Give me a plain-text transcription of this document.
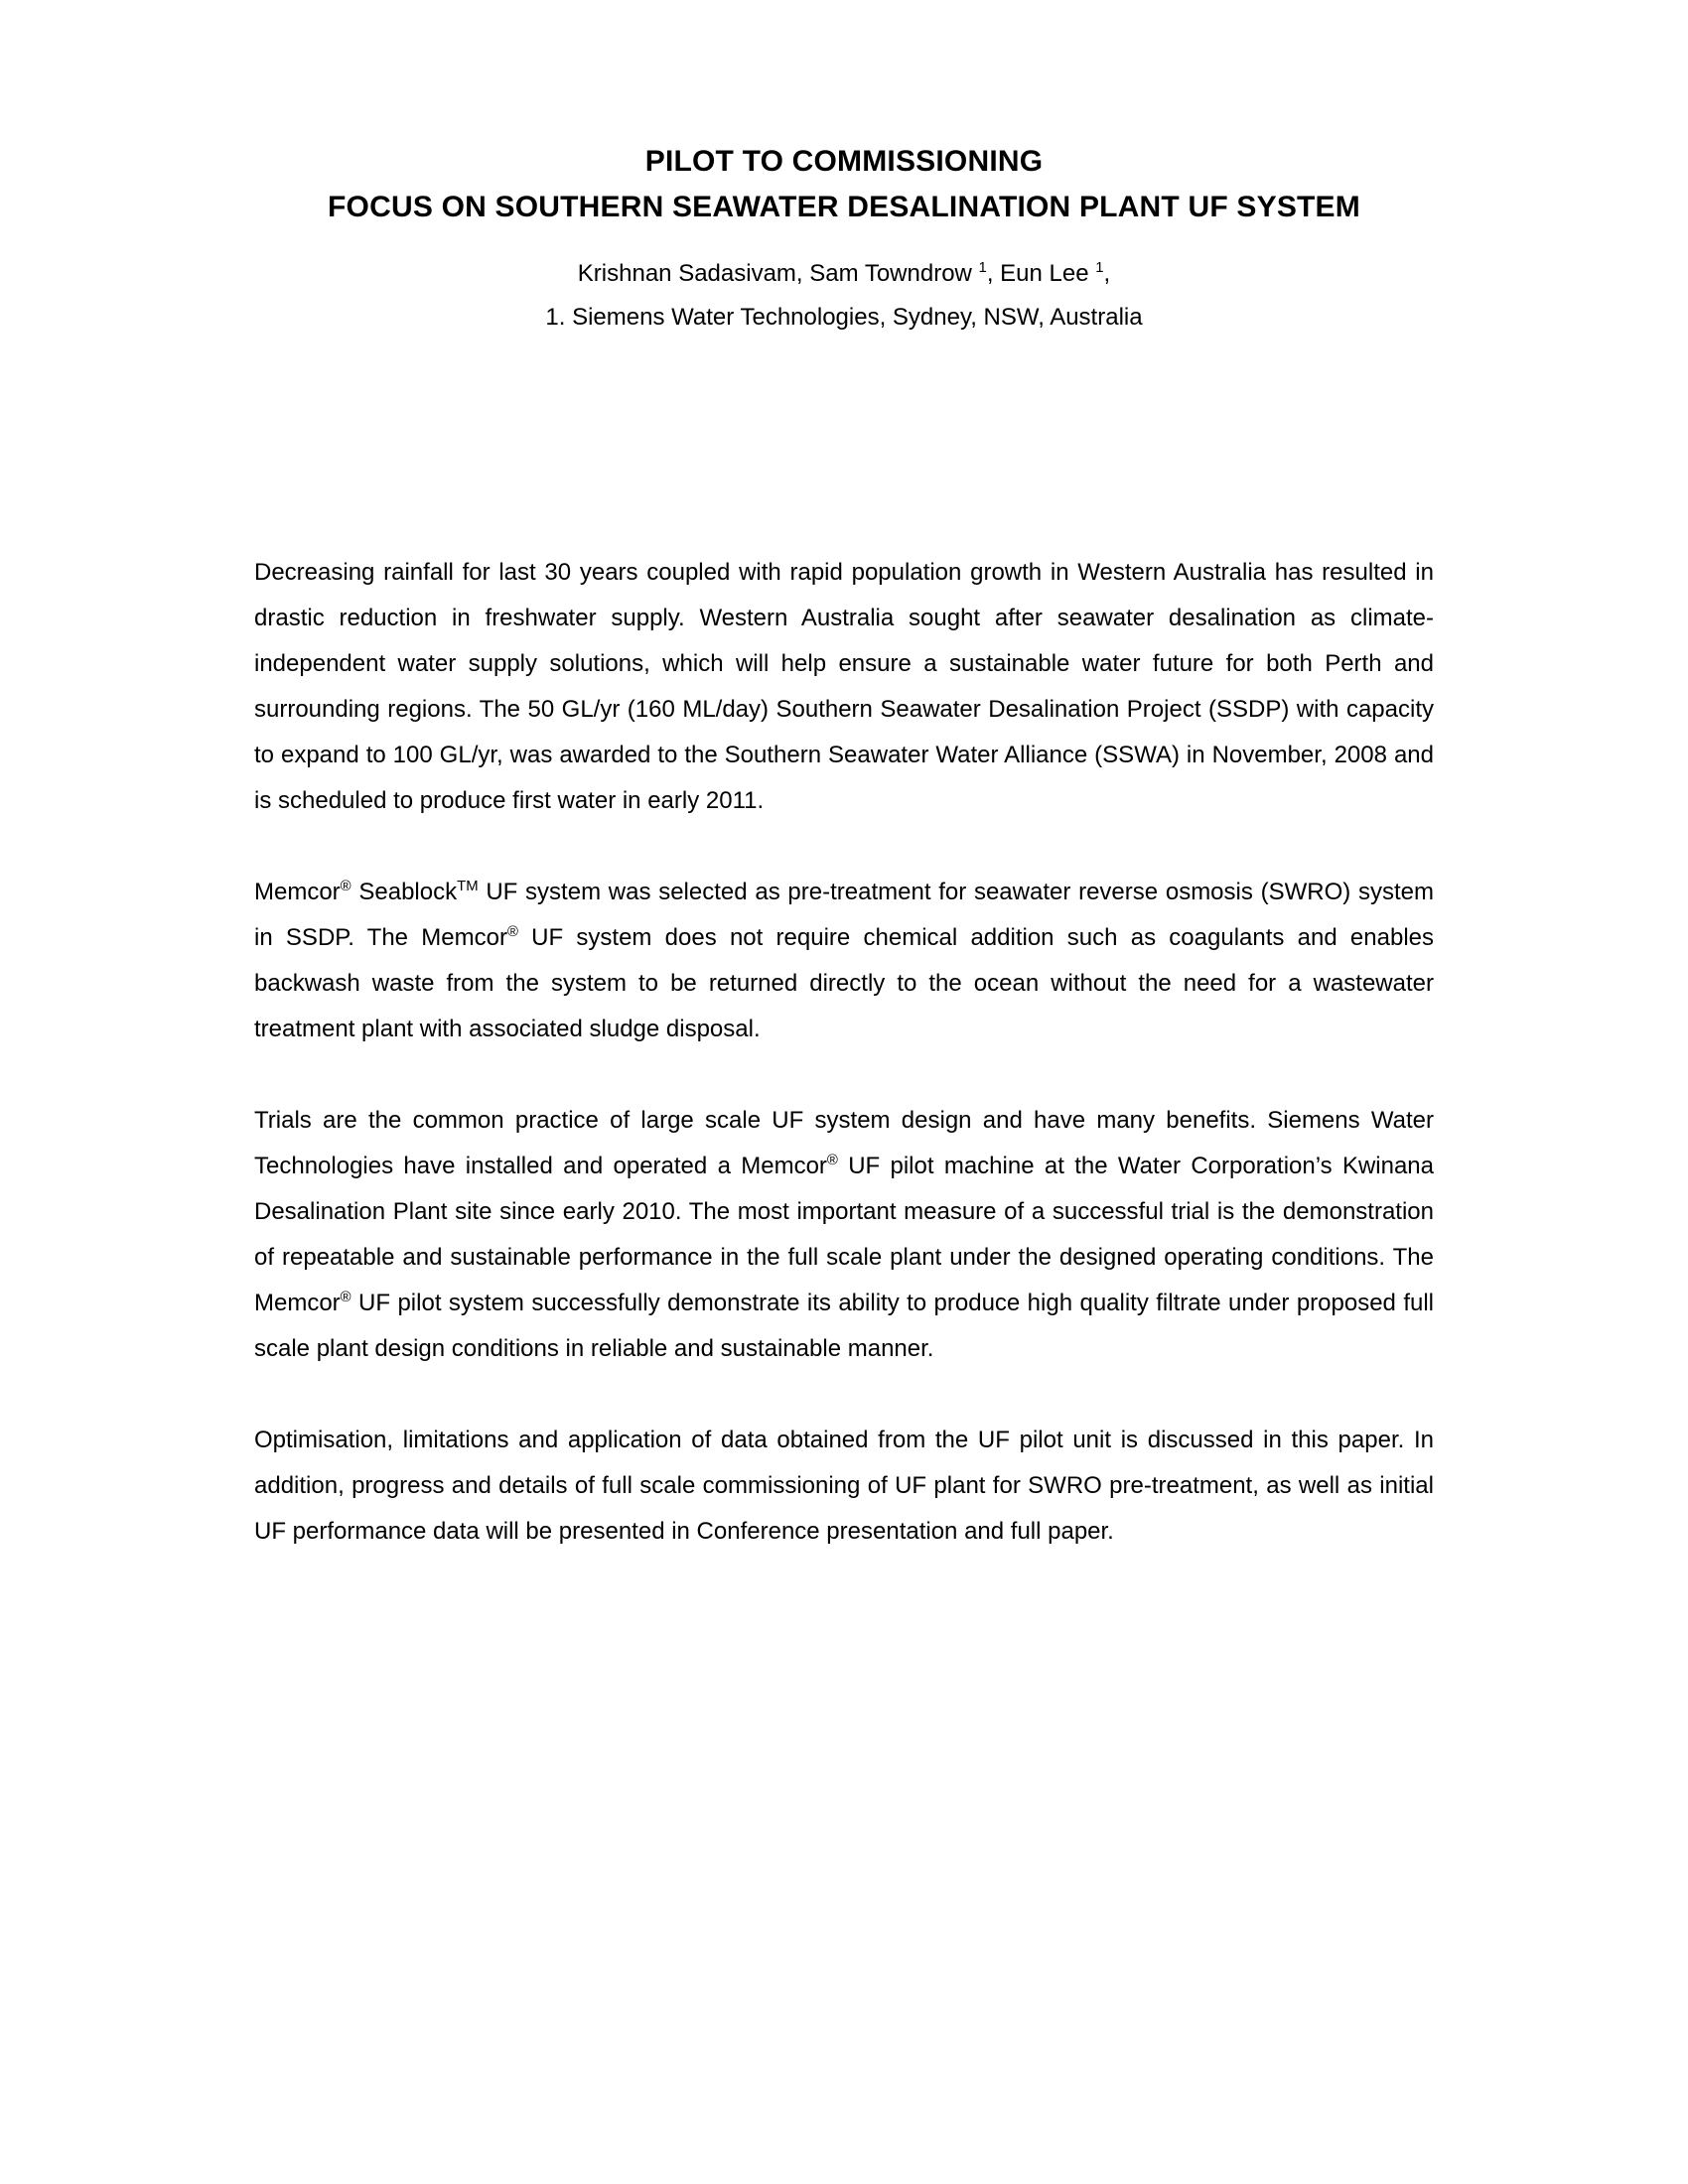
PILOT TO COMMISSIONING
FOCUS ON SOUTHERN SEAWATER DESALINATION PLANT UF SYSTEM
Krishnan Sadasivam, Sam Towndrow $^1$, Eun Lee $^1$,
1. Siemens Water Technologies, Sydney, NSW, Australia

Decreasing rainfall for last 30 years coupled with rapid population growth in Western Australia has resulted in drastic reduction in freshwater supply. Western Australia sought after seawater desalination as climate-independent water supply solutions, which will help ensure a sustainable water future for both Perth and surrounding regions. The 50 GL/yr (160 ML/day) Southern Seawater Desalination Project (SSDP) with capacity to expand to 100 GL/yr, was awarded to the Southern Seawater Water Alliance (SSWA) in November, 2008 and is scheduled to produce first water in early 2011.

Memcor® Seablock™ UF system was selected as pre-treatment for seawater reverse osmosis (SWRO) system in SSDP. The Memcor® UF system does not require chemical addition such as coagulants and enables backwash waste from the system to be returned directly to the ocean without the need for a wastewater treatment plant with associated sludge disposal.

Trials are the common practice of large scale UF system design and have many benefits. Siemens Water Technologies have installed and operated a Memcor® UF pilot machine at the Water Corporation’s Kwinana Desalination Plant site since early 2010. The most important measure of a successful trial is the demonstration of repeatable and sustainable performance in the full scale plant under the designed operating conditions. The Memcor® UF pilot system successfully demonstrate its ability to produce high quality filtrate under proposed full scale plant design conditions in reliable and sustainable manner.

Optimisation, limitations and application of data obtained from the UF pilot unit is discussed in this paper. In addition, progress and details of full scale commissioning of UF plant for SWRO pre-treatment, as well as initial UF performance data will be presented in Conference presentation and full paper.
